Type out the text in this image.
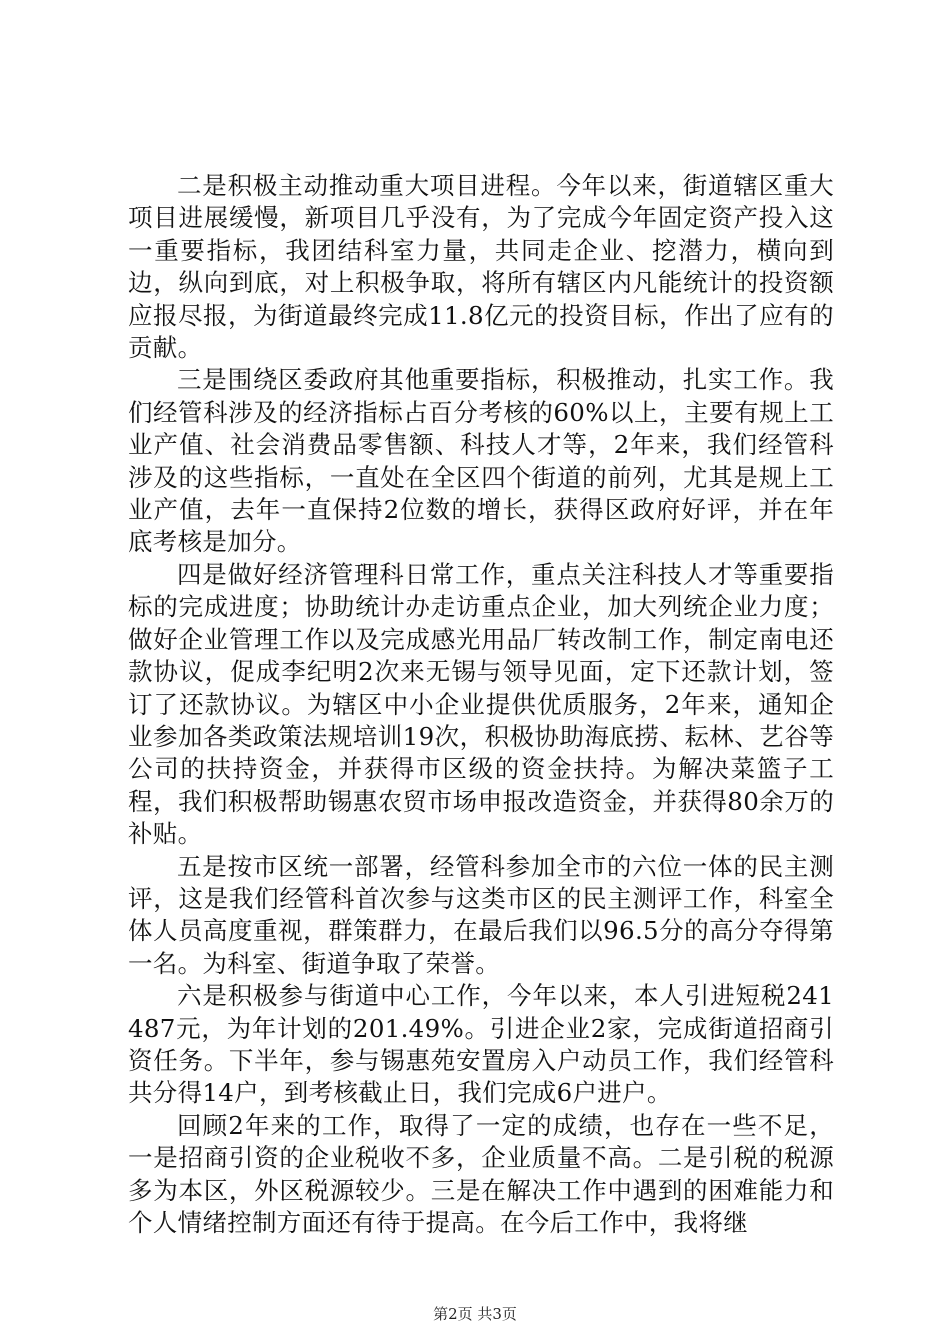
二是积极主动推动重大项目进程。今年以来，街道辖区重大项目进展缓慢，新项目几乎没有，为了完成今年固定资产投入这一重要指标，我团结科室力量，共同走企业、挖潜力，横向到边，纵向到底，对上积极争取，将所有辖区内凡能统计的投资额应报尽报，为街道最终完成11.8亿元的投资目标，作出了应有的贡献。

三是围绕区委政府其他重要指标，积极推动，扎实工作。我们经管科涉及的经济指标占百分考核的60%以上，主要有规上工业产值、社会消费品零售额、科技人才等，2年来，我们经管科涉及的这些指标，一直处在全区四个街道的前列，尤其是规上工业产值，去年一直保持2位数的增长，获得区政府好评，并在年底考核是加分。

四是做好经济管理科日常工作，重点关注科技人才等重要指标的完成进度；协助统计办走访重点企业，加大列统企业力度；做好企业管理工作以及完成感光用品厂转改制工作，制定南电还款协议，促成李纪明2次来无锡与领导见面，定下还款计划，签订了还款协议。为辖区中小企业提供优质服务，2年来，通知企业参加各类政策法规培训19次，积极协助海底捞、耘林、艺谷等公司的扶持资金，并获得市区级的资金扶持。为解决菜篮子工程，我们积极帮助锡惠农贸市场申报改造资金，并获得80余万的补贴。

五是按市区统一部署，经管科参加全市的六位一体的民主测评，这是我们经管科首次参与这类市区的民主测评工作，科室全体人员高度重视，群策群力，在最后我们以96.5分的高分夺得第一名。为科室、街道争取了荣誉。

六是积极参与街道中心工作，今年以来，本人引进短税241487元，为年计划的201.49%。引进企业2家，完成街道招商引资任务。下半年，参与锡惠苑安置房入户动员工作，我们经管科共分得14户，到考核截止日，我们完成6户进户。

回顾2年来的工作，取得了一定的成绩，也存在一些不足，一是招商引资的企业税收不多，企业质量不高。二是引税的税源多为本区，外区税源较少。三是在解决工作中遇到的困难能力和个人情绪控制方面还有待于提高。在今后工作中，我将继

第2页 共3页
